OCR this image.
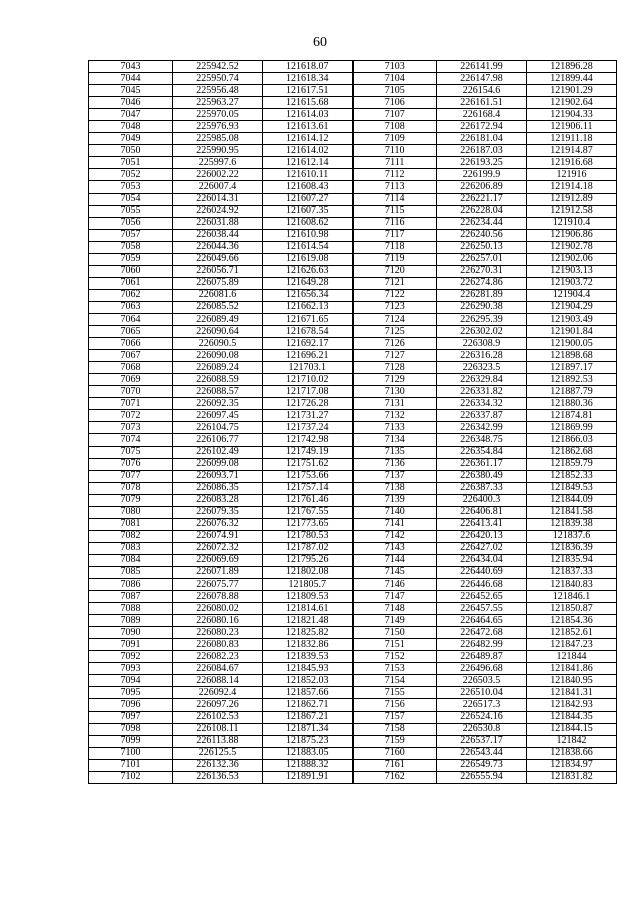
60
7043	225942.52	121618.07	7103	226141.99	121896.28
7044	225950.74	121618.34	7104	226147.98	121899.44
7045	225956.48	121617.51	7105	226154.6	121901.29
7046	225963.27	121615.68	7106	226161.51	121902.64
7047	225970.05	121614.03	7107	226168.4	121904.33
7048	225976.93	121613.61	7108	226172.94	121906.11
7049	225985.08	121614.12	7109	226181.04	121911.18
7050	225990.95	121614.02	7110	226187.03	121914.87
7051	225997.6	121612.14	7111	226193.25	121916.68
7052	226002.22	121610.11	7112	226199.9	121916
7053	226007.4	121608.43	7113	226206.89	121914.18
7054	226014.31	121607.27	7114	226221.17	121912.89
7055	226024.92	121607.35	7115	226228.04	121912.58
7056	226031.88	121608.62	7116	226234.44	121910.4
7057	226038.44	121610.98	7117	226240.56	121906.86
7058	226044.36	121614.54	7118	226250.13	121902.78
7059	226049.66	121619.08	7119	226257.01	121902.06
7060	226056.71	121626.63	7120	226270.31	121903.13
7061	226075.89	121649.28	7121	226274.86	121903.72
7062	226081.6	121656.34	7122	226281.89	121904.4
7063	226085.52	121662.13	7123	226290.38	121904.29
7064	226089.49	121671.65	7124	226295.39	121903.49
7065	226090.64	121678.54	7125	226302.02	121901.84
7066	226090.5	121692.17	7126	226308.9	121900.05
7067	226090.08	121696.21	7127	226316.28	121898.68
7068	226089.24	121703.1	7128	226323.5	121897.17
7069	226088.59	121710.02	7129	226329.84	121892.53
7070	226088.57	121717.08	7130	226331.82	121887.79
7071	226092.35	121726.28	7131	226334.32	121880.36
7072	226097.45	121731.27	7132	226337.87	121874.81
7073	226104.75	121737.24	7133	226342.99	121869.99
7074	226106.77	121742.98	7134	226348.75	121866.03
7075	226102.49	121749.19	7135	226354.84	121862.68
7076	226099.08	121751.62	7136	226361.17	121859.79
7077	226093.71	121753.66	7137	226380.49	121852.33
7078	226086.35	121757.14	7138	226387.33	121849.53
7079	226083.28	121761.46	7139	226400.3	121844.09
7080	226079.35	121767.55	7140	226406.81	121841.58
7081	226076.32	121773.65	7141	226413.41	121839.38
7082	226074.91	121780.53	7142	226420.13	121837.6
7083	226072.32	121787.02	7143	226427.02	121836.39
7084	226069.69	121795.26	7144	226434.04	121835.94
7085	226071.89	121802.08	7145	226440.69	121837.33
7086	226075.77	121805.7	7146	226446.68	121840.83
7087	226078.88	121809.53	7147	226452.65	121846.1
7088	226080.02	121814.61	7148	226457.55	121850.87
7089	226080.16	121821.48	7149	226464.65	121854.36
7090	226080.23	121825.82	7150	226472.68	121852.61
7091	226080.83	121832.86	7151	226482.99	121847.23
7092	226082.23	121839.53	7152	226489.87	121844
7093	226084.67	121845.93	7153	226496.68	121841.86
7094	226088.14	121852.03	7154	226503.5	121840.95
7095	226092.4	121857.66	7155	226510.04	121841.31
7096	226097.26	121862.71	7156	226517.3	121842.93
7097	226102.53	121867.21	7157	226524.16	121844.35
7098	226108.11	121871.34	7158	226530.8	121844.15
7099	226113.88	121875.23	7159	226537.17	121842
7100	226125.5	121883.05	7160	226543.44	121838.66
7101	226132.36	121888.32	7161	226549.73	121834.97
7102	226136.53	121891.91	7162	226555.94	121831.82
